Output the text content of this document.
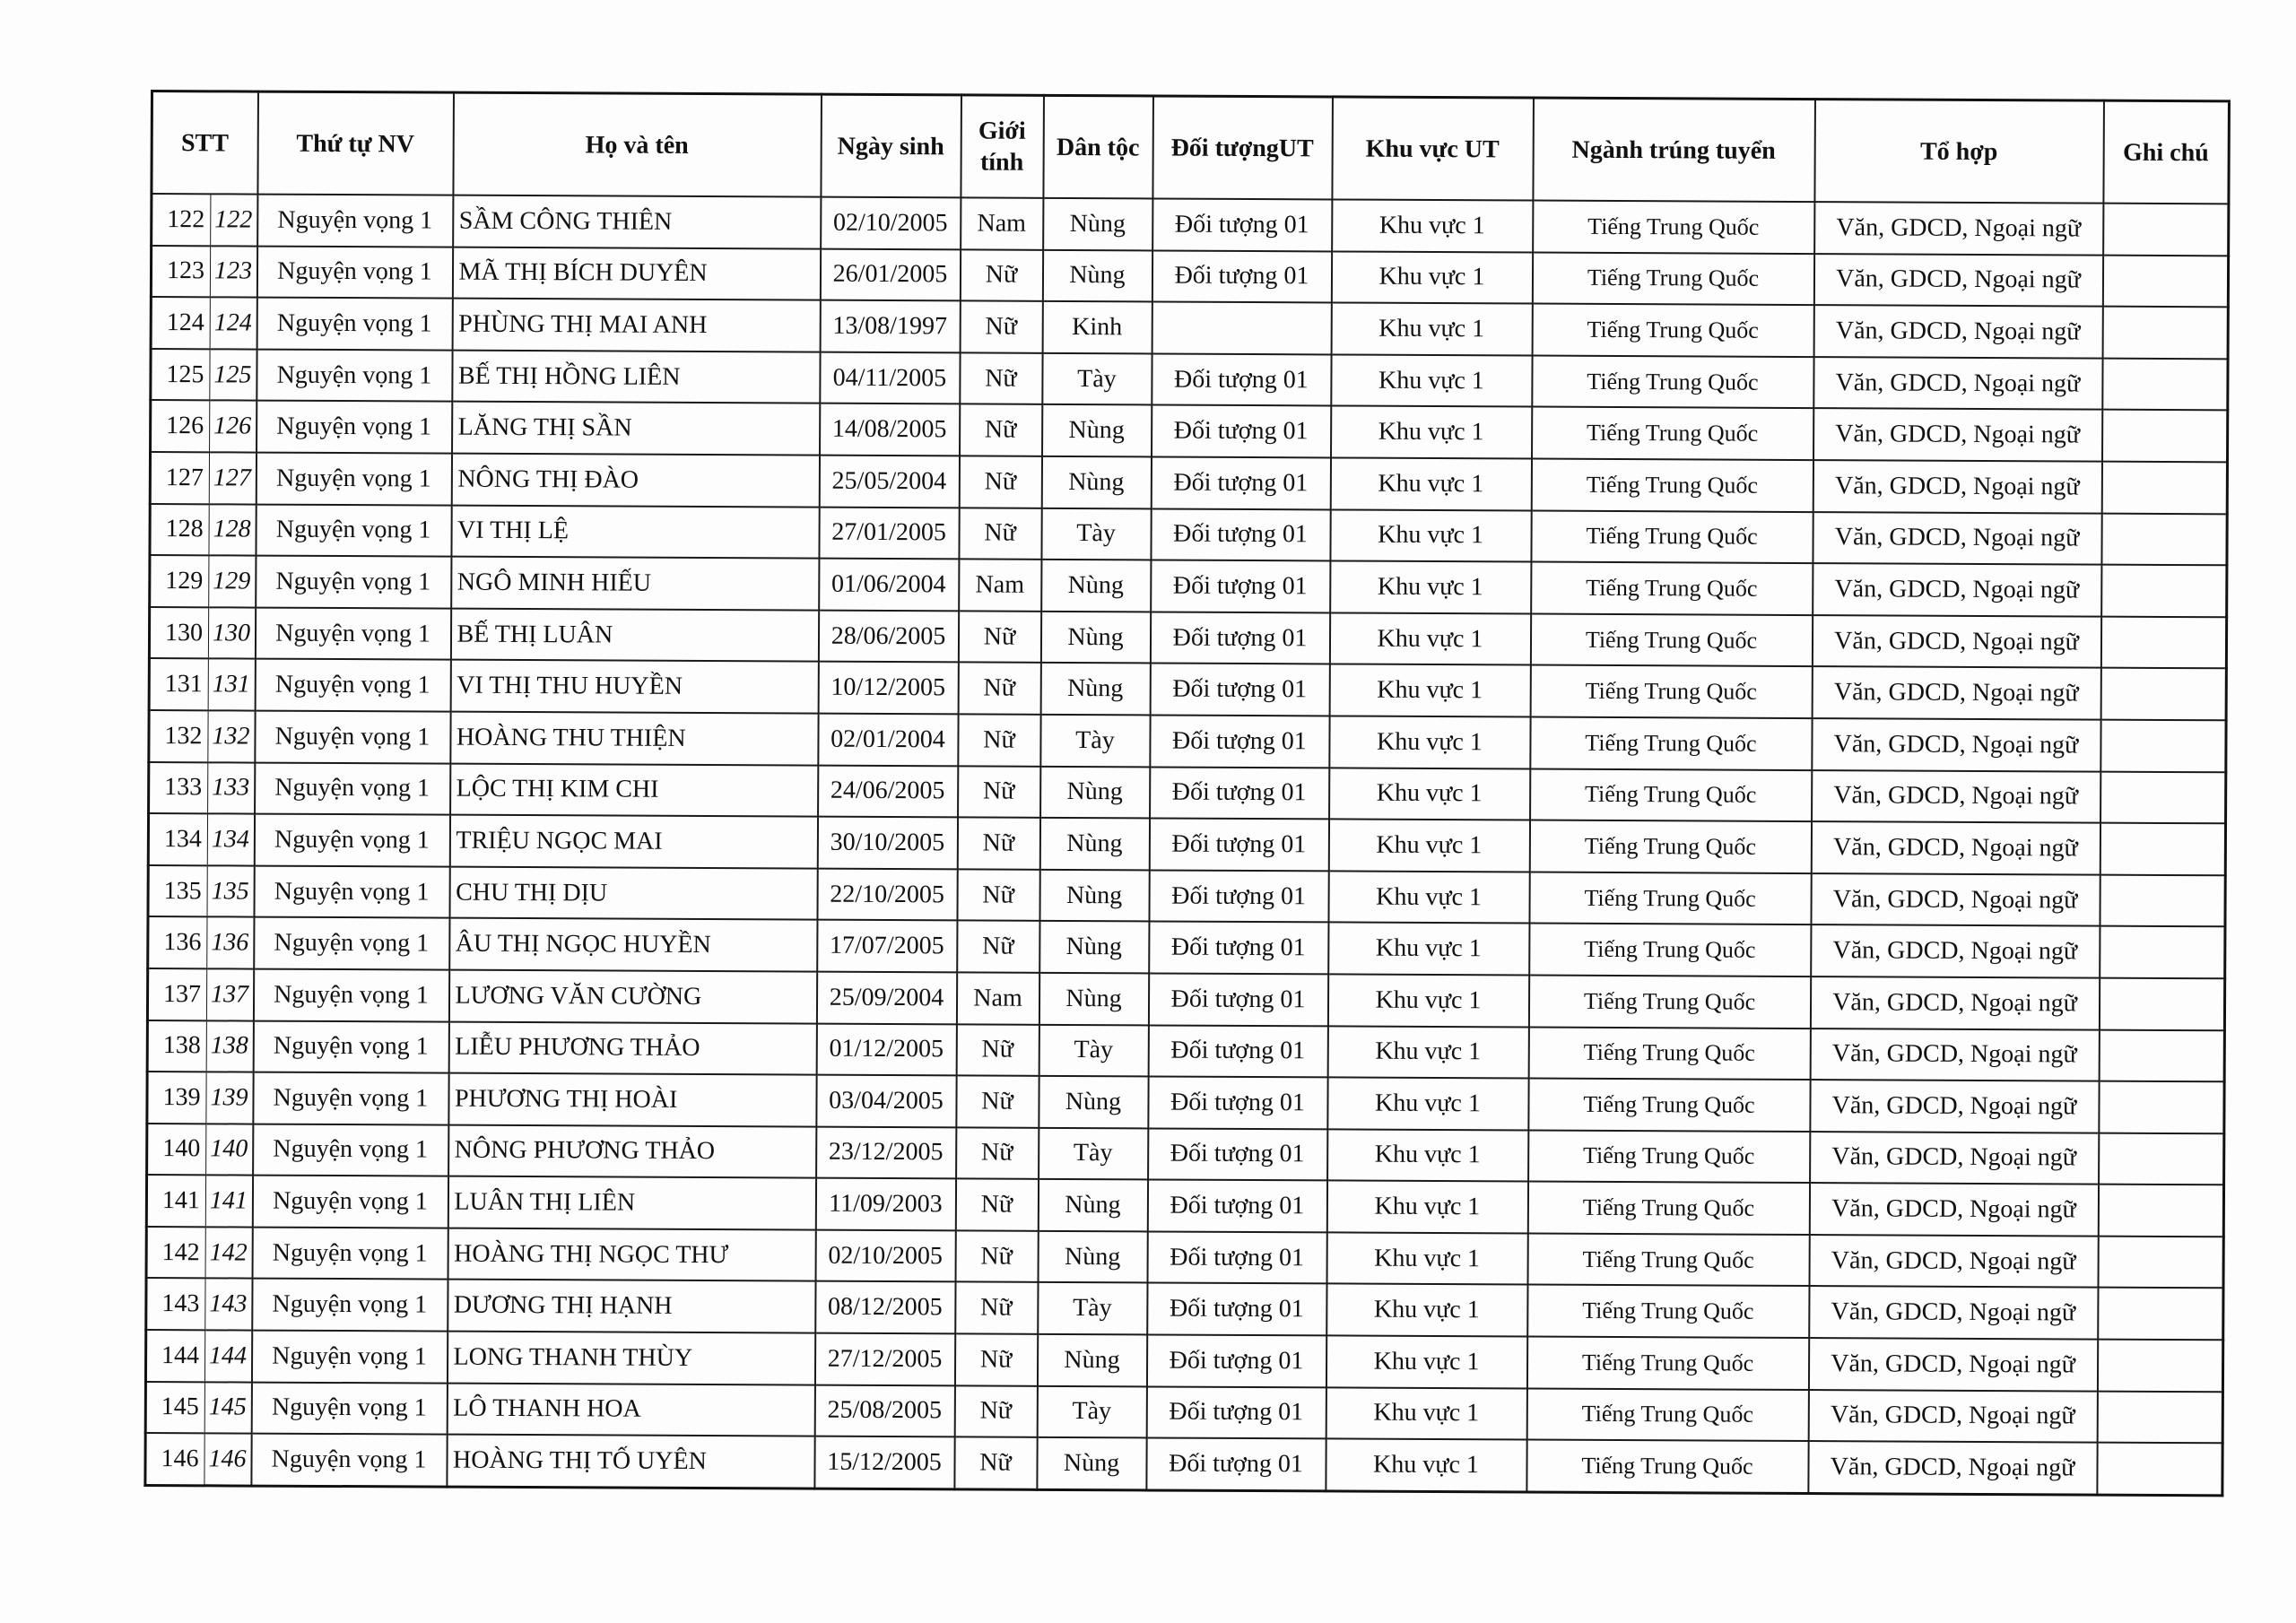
STT		Thứ tự NV	Họ và tên	Ngày sinh	Giới
tính	Dân tộc	Đối tượngUT	Khu vực UT	Ngành trúng tuyển	Tổ hợp	Ghi chú
122	122	Nguyện vọng 1	SẦM CÔNG THIÊN	02/10/2005	Nam	Nùng	Đối tượng 01	Khu vực 1	Tiếng Trung Quốc	Văn, GDCD, Ngoại ngữ	
123	123	Nguyện vọng 1	MÃ THỊ BÍCH DUYÊN	26/01/2005	Nữ	Nùng	Đối tượng 01	Khu vực 1	Tiếng Trung Quốc	Văn, GDCD, Ngoại ngữ	
124	124	Nguyện vọng 1	PHÙNG THỊ MAI ANH	13/08/1997	Nữ	Kinh		Khu vực 1	Tiếng Trung Quốc	Văn, GDCD, Ngoại ngữ	
125	125	Nguyện vọng 1	BẾ THỊ HỒNG LIÊN	04/11/2005	Nữ	Tày	Đối tượng 01	Khu vực 1	Tiếng Trung Quốc	Văn, GDCD, Ngoại ngữ	
126	126	Nguyện vọng 1	LĂNG THỊ SẦN	14/08/2005	Nữ	Nùng	Đối tượng 01	Khu vực 1	Tiếng Trung Quốc	Văn, GDCD, Ngoại ngữ	
127	127	Nguyện vọng 1	NÔNG THỊ ĐÀO	25/05/2004	Nữ	Nùng	Đối tượng 01	Khu vực 1	Tiếng Trung Quốc	Văn, GDCD, Ngoại ngữ	
128	128	Nguyện vọng 1	VI THỊ LỆ	27/01/2005	Nữ	Tày	Đối tượng 01	Khu vực 1	Tiếng Trung Quốc	Văn, GDCD, Ngoại ngữ	
129	129	Nguyện vọng 1	NGÔ MINH HIẾU	01/06/2004	Nam	Nùng	Đối tượng 01	Khu vực 1	Tiếng Trung Quốc	Văn, GDCD, Ngoại ngữ	
130	130	Nguyện vọng 1	BẾ THỊ LUÂN	28/06/2005	Nữ	Nùng	Đối tượng 01	Khu vực 1	Tiếng Trung Quốc	Văn, GDCD, Ngoại ngữ	
131	131	Nguyện vọng 1	VI THỊ THU HUYỀN	10/12/2005	Nữ	Nùng	Đối tượng 01	Khu vực 1	Tiếng Trung Quốc	Văn, GDCD, Ngoại ngữ	
132	132	Nguyện vọng 1	HOÀNG THU THIỆN	02/01/2004	Nữ	Tày	Đối tượng 01	Khu vực 1	Tiếng Trung Quốc	Văn, GDCD, Ngoại ngữ	
133	133	Nguyện vọng 1	LỘC THỊ KIM CHI	24/06/2005	Nữ	Nùng	Đối tượng 01	Khu vực 1	Tiếng Trung Quốc	Văn, GDCD, Ngoại ngữ	
134	134	Nguyện vọng 1	TRIỆU NGỌC MAI	30/10/2005	Nữ	Nùng	Đối tượng 01	Khu vực 1	Tiếng Trung Quốc	Văn, GDCD, Ngoại ngữ	
135	135	Nguyện vọng 1	CHU THỊ DỊU	22/10/2005	Nữ	Nùng	Đối tượng 01	Khu vực 1	Tiếng Trung Quốc	Văn, GDCD, Ngoại ngữ	
136	136	Nguyện vọng 1	ÂU THỊ NGỌC HUYỀN	17/07/2005	Nữ	Nùng	Đối tượng 01	Khu vực 1	Tiếng Trung Quốc	Văn, GDCD, Ngoại ngữ	
137	137	Nguyện vọng 1	LƯƠNG VĂN CƯỜNG	25/09/2004	Nam	Nùng	Đối tượng 01	Khu vực 1	Tiếng Trung Quốc	Văn, GDCD, Ngoại ngữ	
138	138	Nguyện vọng 1	LIỄU PHƯƠNG THẢO	01/12/2005	Nữ	Tày	Đối tượng 01	Khu vực 1	Tiếng Trung Quốc	Văn, GDCD, Ngoại ngữ	
139	139	Nguyện vọng 1	PHƯƠNG THỊ HOÀI	03/04/2005	Nữ	Nùng	Đối tượng 01	Khu vực 1	Tiếng Trung Quốc	Văn, GDCD, Ngoại ngữ	
140	140	Nguyện vọng 1	NÔNG PHƯƠNG THẢO	23/12/2005	Nữ	Tày	Đối tượng 01	Khu vực 1	Tiếng Trung Quốc	Văn, GDCD, Ngoại ngữ	
141	141	Nguyện vọng 1	LUÂN THỊ LIÊN	11/09/2003	Nữ	Nùng	Đối tượng 01	Khu vực 1	Tiếng Trung Quốc	Văn, GDCD, Ngoại ngữ	
142	142	Nguyện vọng 1	HOÀNG THỊ NGỌC THƯ	02/10/2005	Nữ	Nùng	Đối tượng 01	Khu vực 1	Tiếng Trung Quốc	Văn, GDCD, Ngoại ngữ	
143	143	Nguyện vọng 1	DƯƠNG THỊ HẠNH	08/12/2005	Nữ	Tày	Đối tượng 01	Khu vực 1	Tiếng Trung Quốc	Văn, GDCD, Ngoại ngữ	
144	144	Nguyện vọng 1	LONG THANH THÙY	27/12/2005	Nữ	Nùng	Đối tượng 01	Khu vực 1	Tiếng Trung Quốc	Văn, GDCD, Ngoại ngữ	
145	145	Nguyện vọng 1	LÔ THANH HOA	25/08/2005	Nữ	Tày	Đối tượng 01	Khu vực 1	Tiếng Trung Quốc	Văn, GDCD, Ngoại ngữ	
146	146	Nguyện vọng 1	HOÀNG THỊ TỐ UYÊN	15/12/2005	Nữ	Nùng	Đối tượng 01	Khu vực 1	Tiếng Trung Quốc	Văn, GDCD, Ngoại ngữ	
